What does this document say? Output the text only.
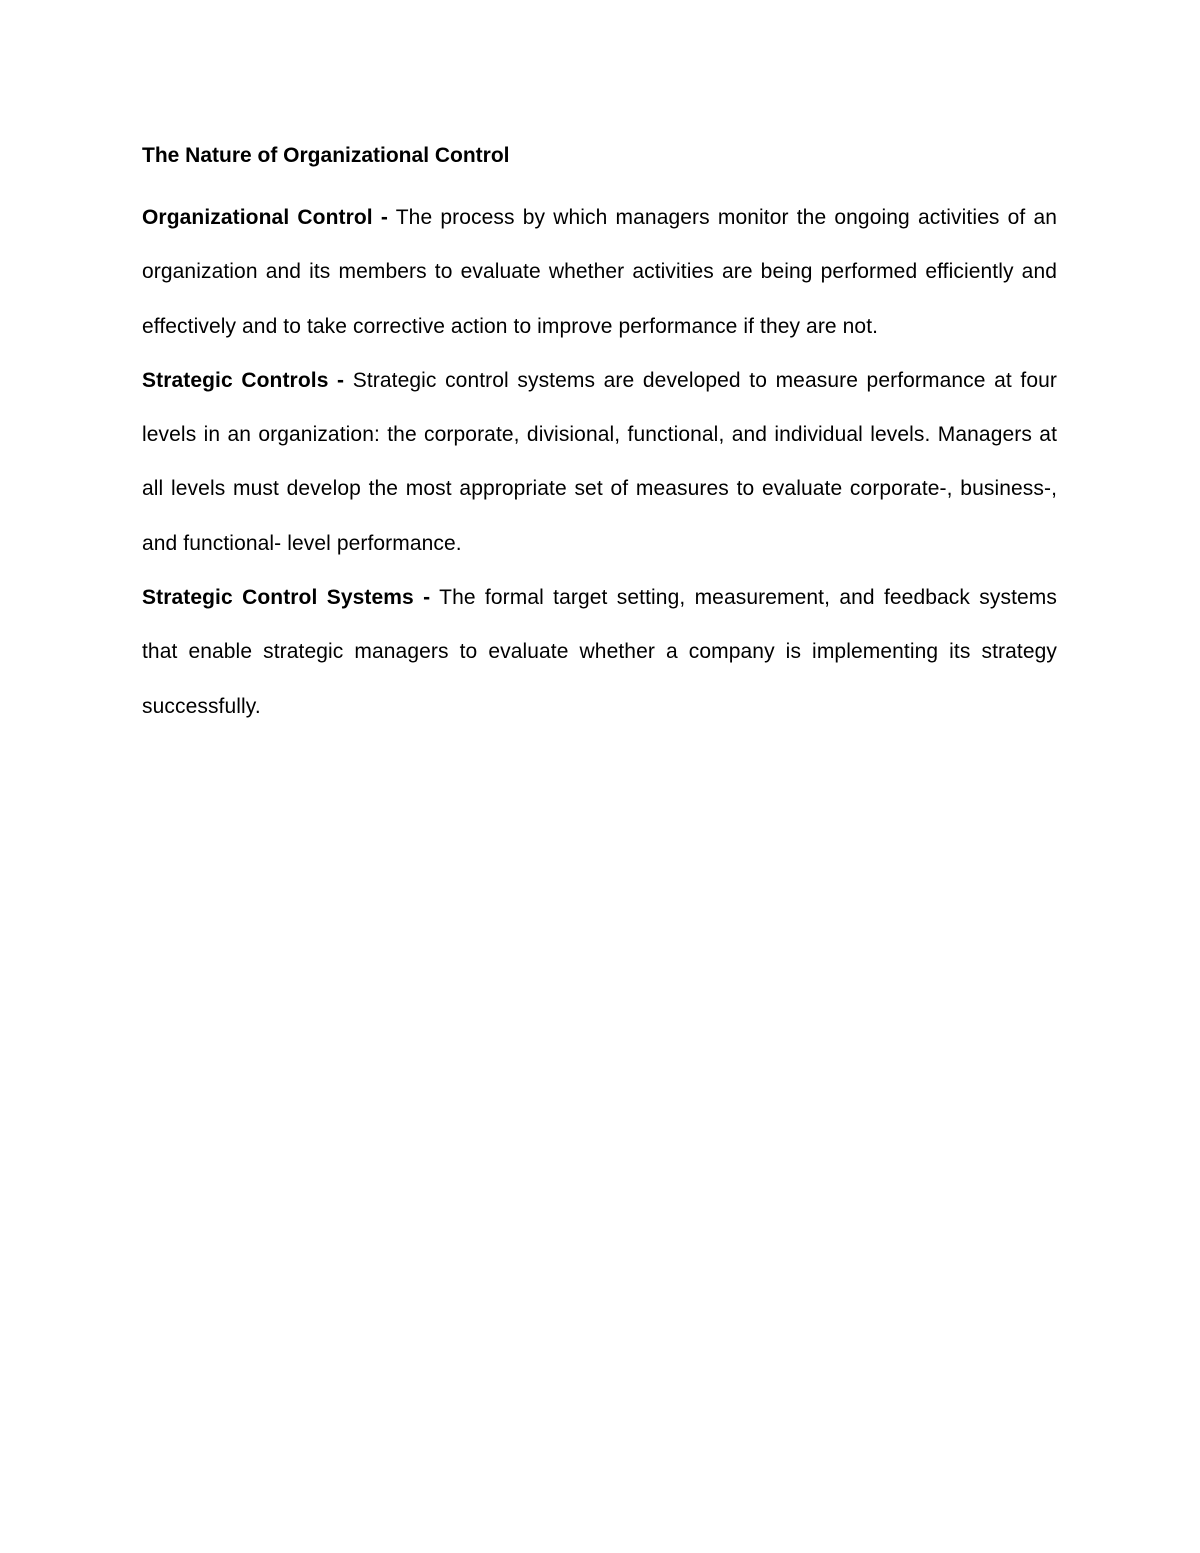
The Nature of Organizational Control

Organizational Control - The process by which managers monitor the ongoing activities of an organization and its members to evaluate whether activities are being performed efficiently and effectively and to take corrective action to improve performance if they are not.

Strategic Controls - Strategic control systems are developed to measure performance at four levels in an organization: the corporate, divisional, functional, and individual levels. Managers at all levels must develop the most appropriate set of measures to evaluate corporate-, business-, and functional- level performance.

Strategic Control Systems - The formal target setting, measurement, and feedback systems that enable strategic managers to evaluate whether a company is implementing its strategy successfully.
